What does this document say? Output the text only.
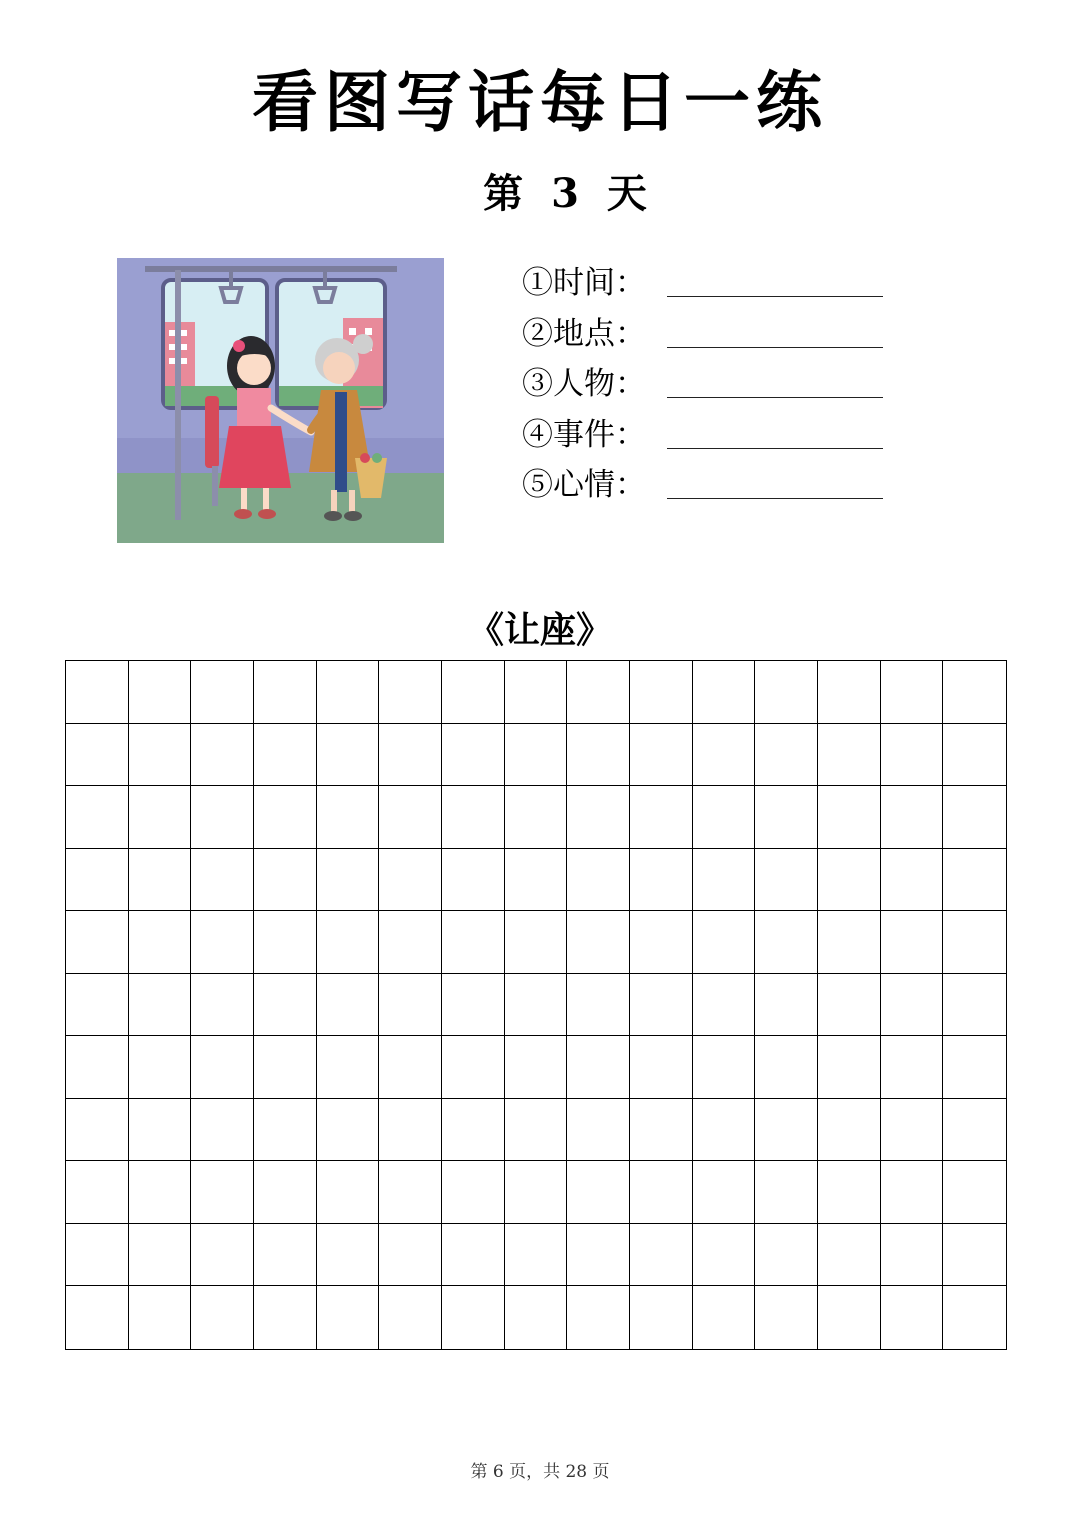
看图写话每日一练
第 3 天
①时间：
②地点：
③人物：
④事件：
⑤心情：
《让座》
第 6 页，共 28 页
